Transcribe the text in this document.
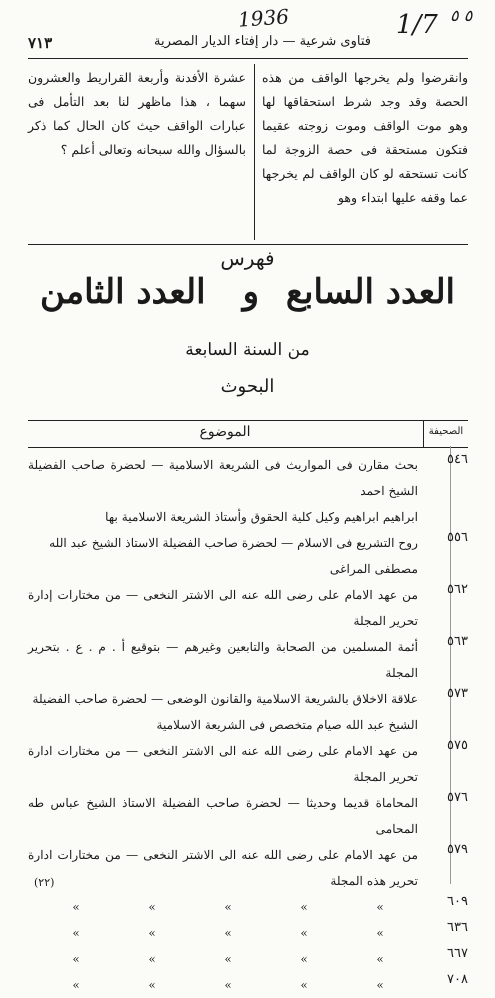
٧١٣	فتاوى شرعية — دار إفتاء الديار المصرية
1936	1/7 ٥ ٥
وانقرضوا ولم يخرجها الواقف من هذه الحصة وقد وجد شرط استحقاقها لها وهو موت الواقف وموت زوجته عقيما فتكون مستحقة فى حصة الزوجة لما كانت تستحقه لو كان الواقف لم يخرجها عما وقفه عليها ابتداء وهو
عشرة الأفدنة وأربعة القراريط والعشرون سهما ، هذا ماظهر لنا بعد التأمل فى عبارات الواقف حيث كان الحال كما ذكر بالسؤال والله سبحانه وتعالى أعلم ؟
فهرس
العدد السابع
و
العدد الثامن
من السنة السابعة
البحوث
الصحيفة
الموضوع
٥٤٦
بحث مقارن فى المواريث فى الشريعة الاسلامية — لحضرة صاحب الفضيلة الشيخ احمد
ابراهيم ابراهيم وكيل كلية الحقوق وأستاذ الشريعة الاسلامية بها
٥٥٦
روح التشريع فى الاسلام — لحضرة صاحب الفضيلة الاستاذ الشيخ عبد الله
مصطفى المراغى
٥٦٢
من عهد الامام على رضى الله عنه الى الاشتر النخعى — من مختارات إدارة تحرير المجلة
٥٦٣
أئمة المسلمين من الصحابة والتابعين وغيرهم — بتوقيع أ . م . ع . بتحرير المجلة
٥٧٣
علاقة الاخلاق بالشريعة الاسلامية والقانون الوضعى — لحضرة صاحب الفضيلة
الشيخ عبد الله صيام متخصص فى الشريعة الاسلامية
٥٧٥
من عهد الامام على رضى الله عنه الى الاشتر النخعى — من مختارات ادارة تحرير المجلة
٥٧٦
المحاماة قديما وحديثا — لحضرة صاحب الفضيلة الاستاذ الشيخ عباس طه المحامى
٥٧٩
من عهد الامام على رضى الله عنه الى الاشتر النخعى — من مختارات ادارة تحرير هذه المجلة
٦٠٩
»
»
»
»
»
٦٣٦
»
»
»
»
»
٦٦٧
»
»
»
»
»
٧٠٨
»
»
»
»
»
(٢٢)
